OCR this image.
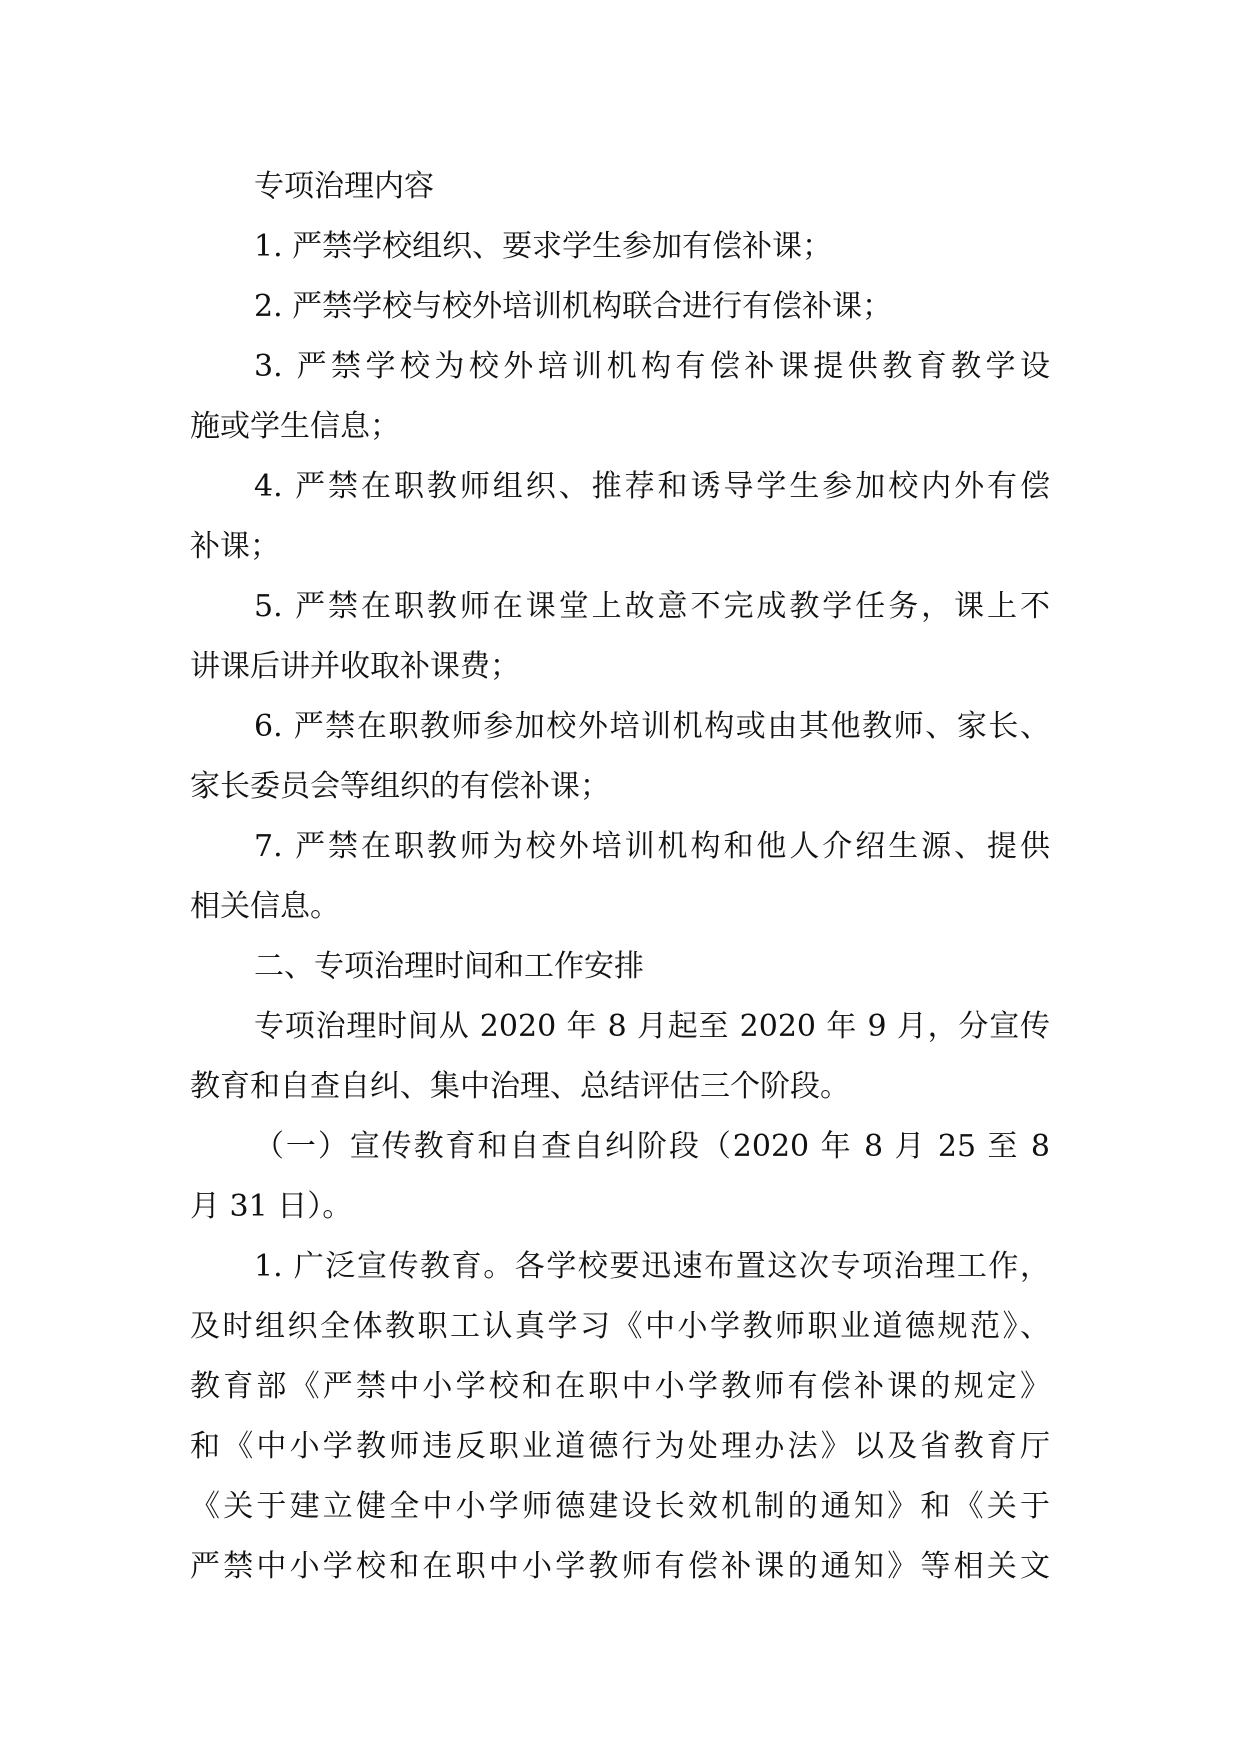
专项治理内容
1. 严禁学校组织、要求学生参加有偿补课；
2. 严禁学校与校外培训机构联合进行有偿补课；
3. 严禁学校为校外培训机构有偿补课提供教育教学设
施或学生信息；
4. 严禁在职教师组织、推荐和诱导学生参加校内外有偿
补课；
5. 严禁在职教师在课堂上故意不完成教学任务，课上不
讲课后讲并收取补课费；
6. 严禁在职教师参加校外培训机构或由其他教师、家长、
家长委员会等组织的有偿补课；
7. 严禁在职教师为校外培训机构和他人介绍生源、提供
相关信息。
二、专项治理时间和工作安排
专项治理时间从 2020 年 8 月起至 2020 年 9 月，分宣传
教育和自查自纠、集中治理、总结评估三个阶段。
（一）宣传教育和自查自纠阶段（2020 年 8 月 25 至 8
月 31 日）。
1. 广泛宣传教育。各学校要迅速布置这次专项治理工作，
及时组织全体教职工认真学习《中小学教师职业道德规范》、
教育部《严禁中小学校和在职中小学教师有偿补课的规定》
和《中小学教师违反职业道德行为处理办法》以及省教育厅
《关于建立健全中小学师德建设长效机制的通知》和《关于
严禁中小学校和在职中小学教师有偿补课的通知》等相关文
